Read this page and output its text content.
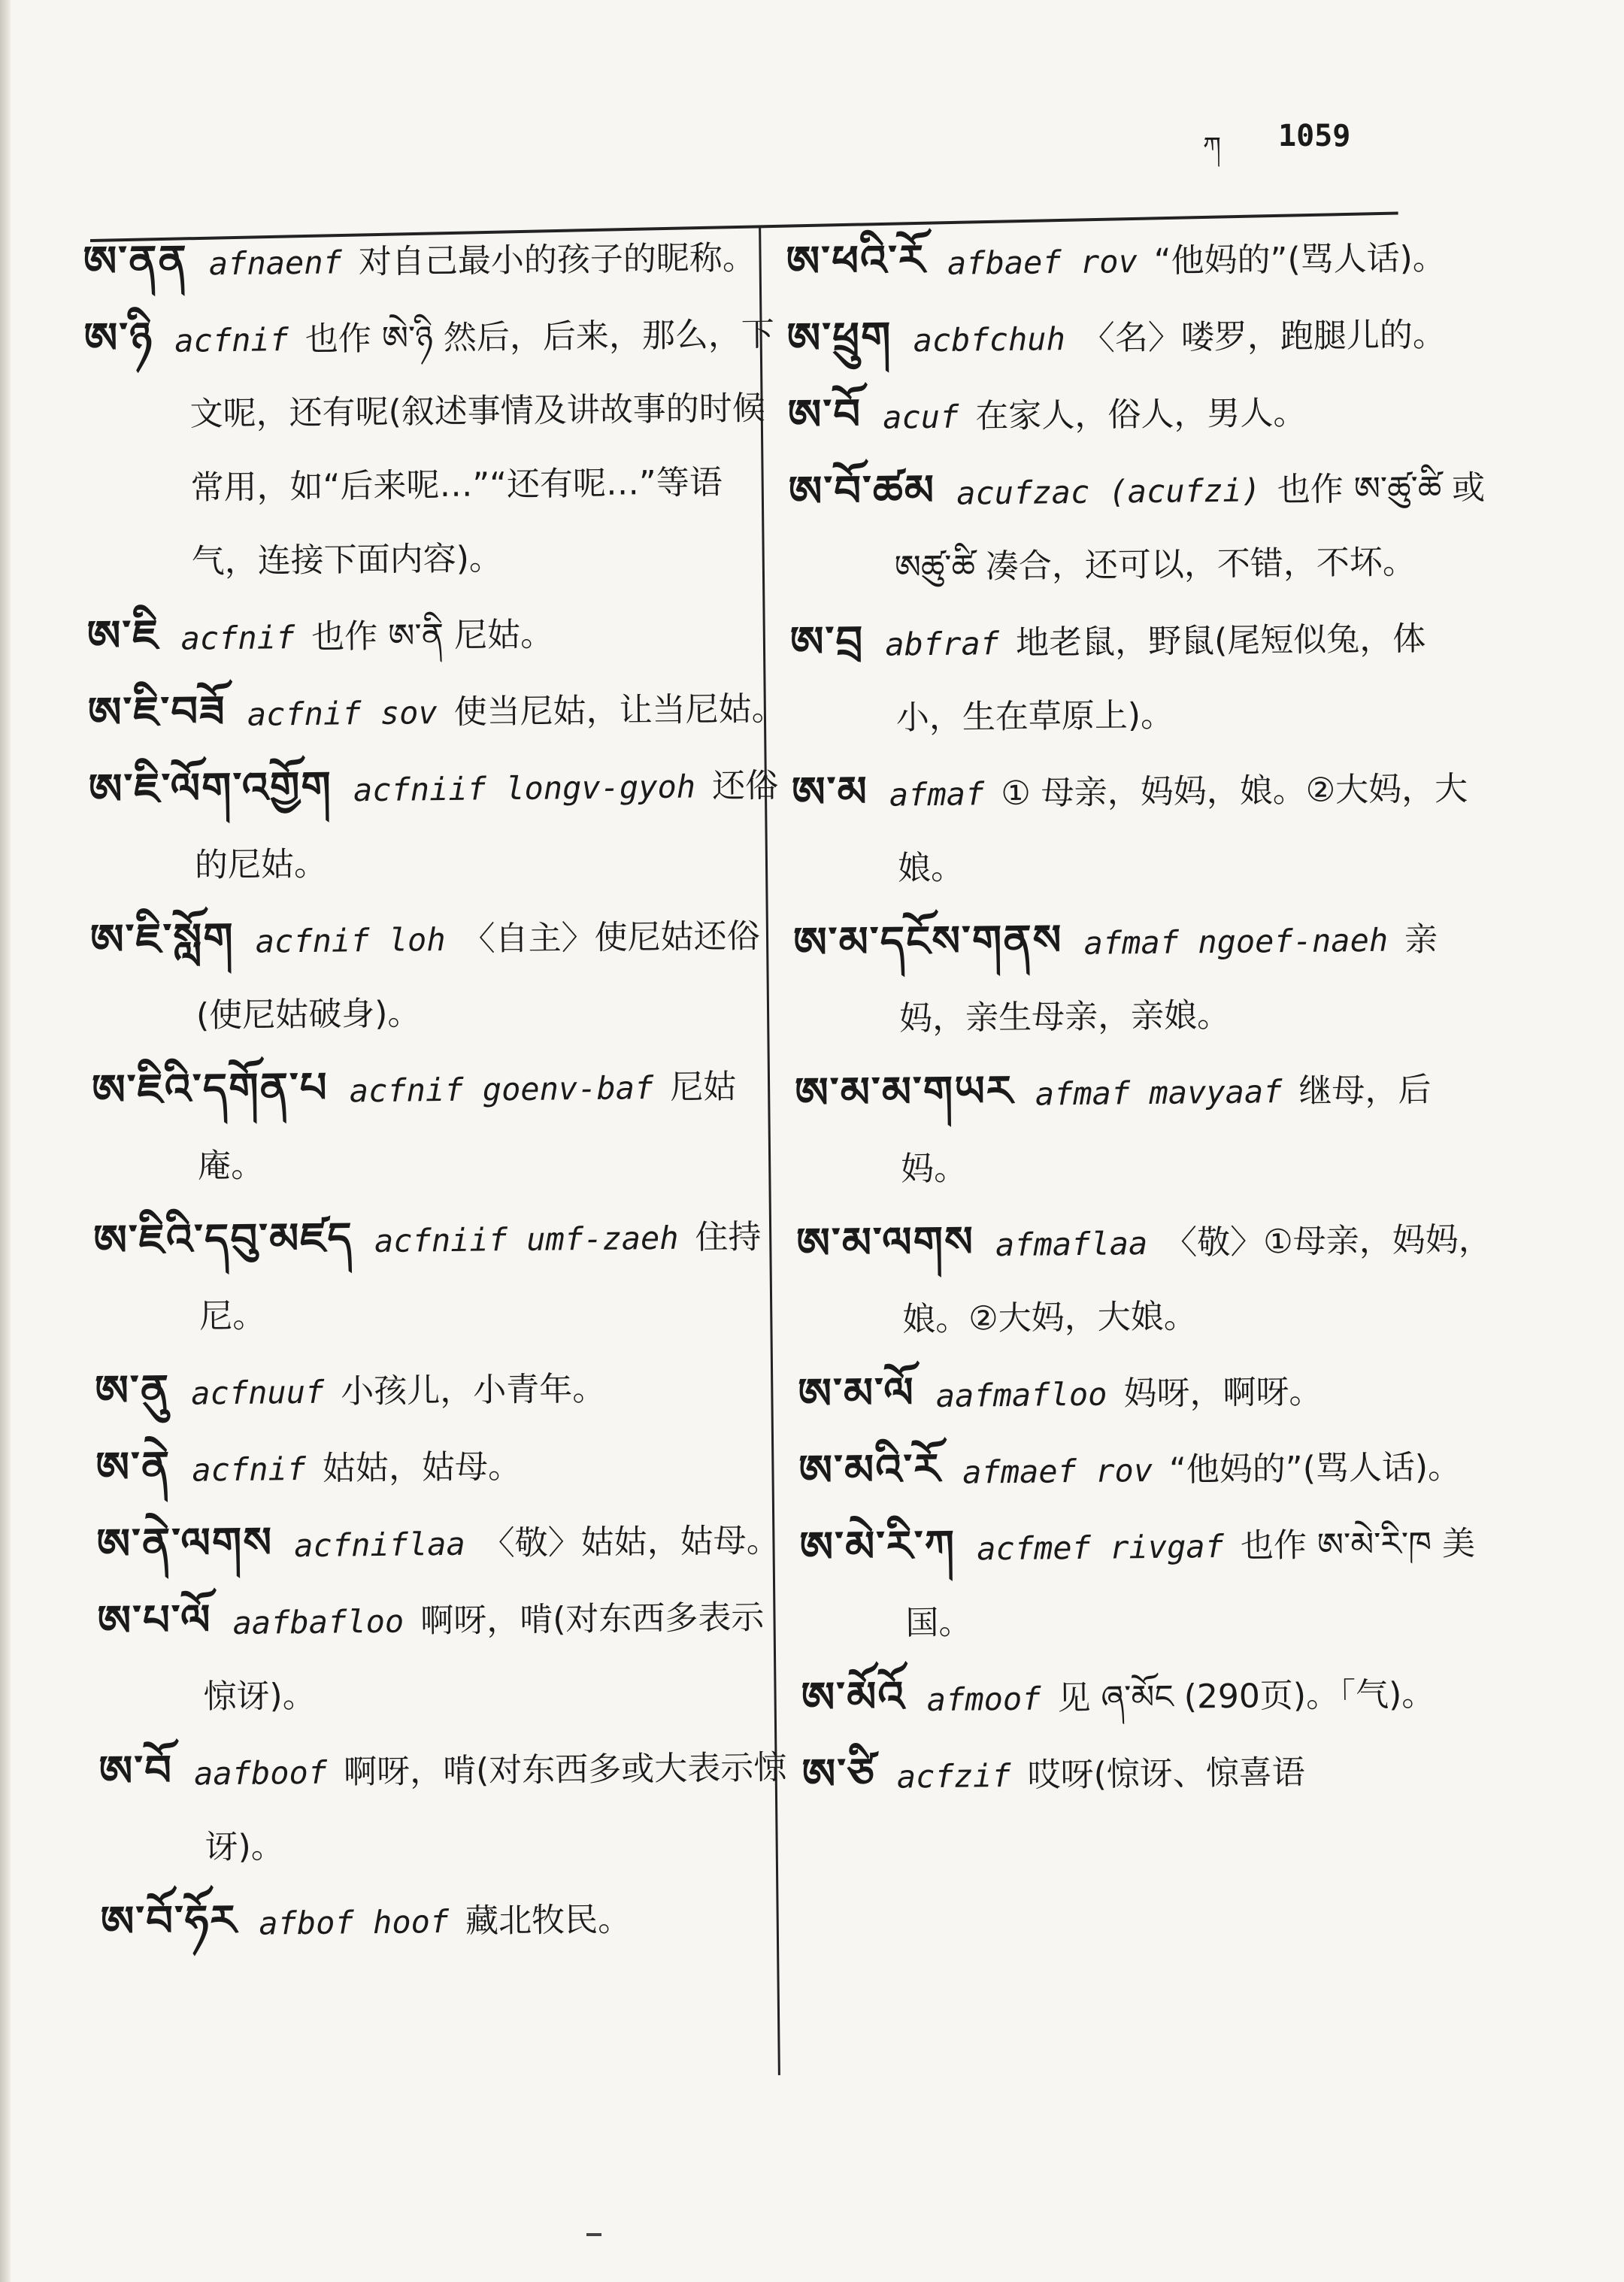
ཀ 1059

ཨ་ནན afnaenf 对自己最小的孩子的昵称。

ཨ་ཉི acfnif 也作 ཨེ་ཉི 然后，后来，那么，下文呢，还有呢(叙述事情及讲故事的时候常用，如“后来呢…”“还有呢…”等语气，连接下面内容)。

ཨ་ཇི acfnif 也作 ཨ་ནི 尼姑。

ཨ་ཇི་བཟོ acfnif sov 使当尼姑，让当尼姑。

ཨ་ཇི་ལོག་འགྱོག acfniif longv-gyoh 还俗的尼姑。

ཨ་ཇི་སློག acfnif loh 〈自主〉使尼姑还俗(使尼姑破身)。

ཨ་ཇིའི་དགོན་པ acfnif goenv-baf 尼姑庵。

ཨ་ཇིའི་དབུ་མཛད acfniif umf-zaeh 住持尼。

ཨ་ནུ acfnuuf 小孩儿，小青年。

ཨ་ནེ acfnif 姑姑，姑母。

ཨ་ནེ་ལགས acfniflaa 〈敬〉姑姑，姑母。

ཨ་པ་ལོ aafbafloo 啊呀，啃(对东西多表示惊讶)。

ཨ་བོ aafboof 啊呀，啃(对东西多或大表示惊讶)。

ཨ་བོ་ཧོར afbof hoof 藏北牧民。

ཨ་ཕའི་རོ afbaef rov “他妈的”(骂人话)。

ཨ་ཕྲུག acbfchuh 〈名〉喽罗，跑腿儿的。

ཨ་བོ acuf 在家人，俗人，男人。

ཨ་བོ་ཚམ acufzac (acufzi) 也作 ཨ་ཚུ་ཚི 或 ཨཚུ་ཚི 凑合，还可以，不错，不坏。

ཨ་བྲ abfraf 地老鼠，野鼠(尾短似兔，体小，生在草原上)。

ཨ་མ afmaf ① 母亲，妈妈，娘。②大妈，大娘。

ཨ་མ་དངོས་གནས afmaf ngoef-naeh 亲妈，亲生母亲，亲娘。

ཨ་མ་མ་གཡར afmaf mavyaaf 继母，后妈。

ཨ་མ་ལགས afmaflaa 〈敬〉①母亲，妈妈，娘。②大妈，大娘。

ཨ་མ་ལོ aafmafloo 妈呀，啊呀。

ཨ་མའི་རོ afmaef rov “他妈的”(骂人话)。

ཨ་མེ་རི་ཀ acfmef rivgaf 也作 ཨ་མེ་རི་ཁ 美国。

ཨ་མོའོ afmoof 见 ཞ་མོང (290页)。「气)。

ཨ་ཙི acfzif 哎呀(惊讶、惊喜语
